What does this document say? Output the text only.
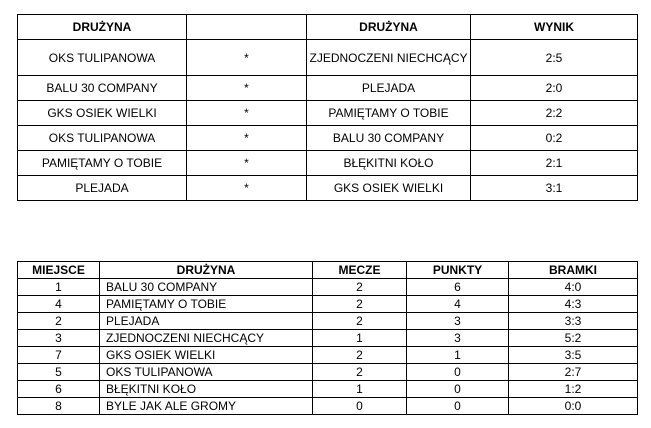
DRUŻYNA		DRUŻYNA	WYNIK
OKS TULIPANOWA	*	ZJEDNOCZENI NIECHCĄCY	2:5
BALU 30 COMPANY	*	PLEJADA	2:0
GKS OSIEK WIELKI	*	PAMIĘTAMY O TOBIE	2:2
OKS TULIPANOWA	*	BALU 30 COMPANY	0:2
PAMIĘTAMY O TOBIE	*	BŁĘKITNI KOŁO	2:1
PLEJADA	*	GKS OSIEK WIELKI	3:1
MIEJSCE	DRUŻYNA	MECZE	PUNKTY	BRAMKI
1	BALU 30 COMPANY	2	6	4:0
4	PAMIĘTAMY O TOBIE	2	4	4:3
2	PLEJADA	2	3	3:3
3	ZJEDNOCZENI NIECHCĄCY	1	3	5:2
7	GKS OSIEK WIELKI	2	1	3:5
5	OKS TULIPANOWA	2	0	2:7
6	BŁĘKITNI KOŁO	1	0	1:2
8	BYLE JAK ALE GROMY	0	0	0:0
